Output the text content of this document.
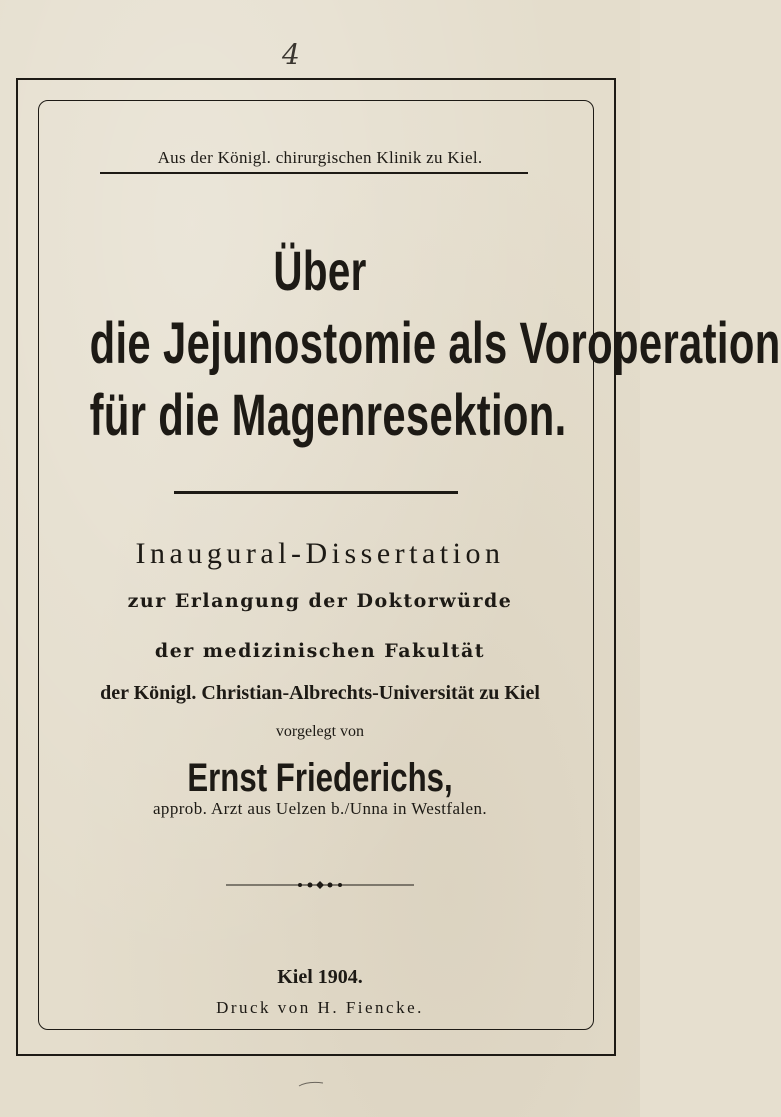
4
Aus der Königl. chirurgischen Klinik zu Kiel.
Über
die Jejunostomie als Voroperation
für die Magenresektion.
Inaugural-Dissertation
zur Erlangung der Doktorwürde
der medizinischen Fakultät
der Königl. Christian-Albrechts-Universität zu Kiel
vorgelegt von
Ernst Friederichs,
approb. Arzt aus Uelzen b./Unna in Westfalen.
Kiel 1904.
Druck von H. Fiencke.
